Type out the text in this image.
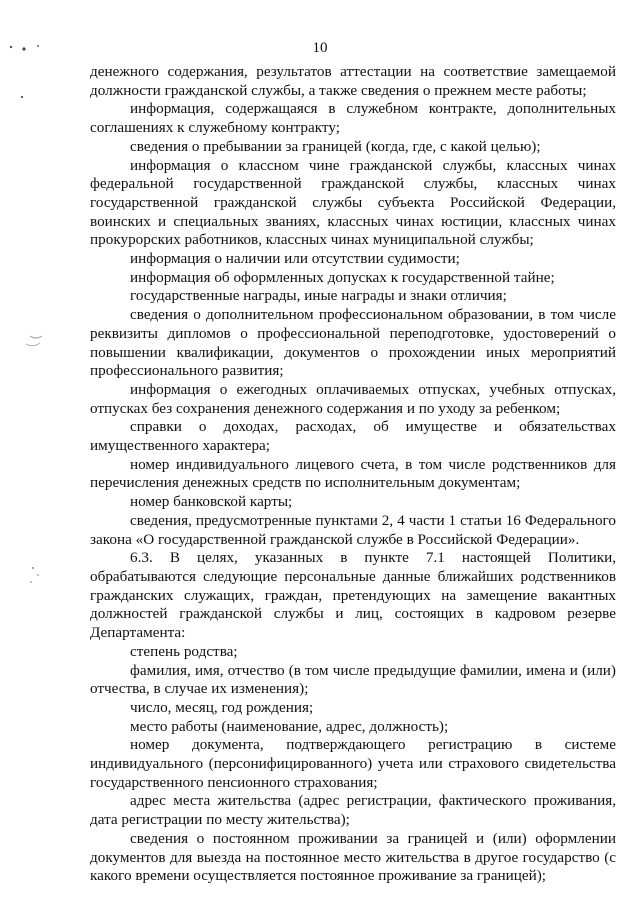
10

денежного содержания, результатов аттестации на соответствие замещаемой должности гражданской службы, а также сведения о прежнем месте работы;

информация, содержащаяся в служебном контракте, дополнительных соглашениях к служебному контракту;

сведения о пребывании за границей (когда, где, с какой целью);

информация о классном чине гражданской службы, классных чинах федеральной государственной гражданской службы, классных чинах государственной гражданской службы субъекта Российской Федерации, воинских и специальных званиях, классных чинах юстиции, классных чинах прокурорских работников, классных чинах муниципальной службы;

информация о наличии или отсутствии судимости;

информация об оформленных допусках к государственной тайне;

государственные награды, иные награды и знаки отличия;

сведения о дополнительном профессиональном образовании, в том числе реквизиты дипломов о профессиональной переподготовке, удостоверений о повышении квалификации, документов о прохождении иных мероприятий профессионального развития;

информация о ежегодных оплачиваемых отпусках, учебных отпусках, отпусках без сохранения денежного содержания и по уходу за ребенком;

справки о доходах, расходах, об имуществе и обязательствах имущественного характера;

номер индивидуального лицевого счета, в том числе родственников для перечисления денежных средств по исполнительным документам;

номер банковской карты;

сведения, предусмотренные пунктами 2, 4 части 1 статьи 16 Федерального закона «О государственной гражданской службе в Российской Федерации».

6.3. В целях, указанных в пункте 7.1 настоящей Политики, обрабатываются следующие персональные данные ближайших родственников гражданских служащих, граждан, претендующих на замещение вакантных должностей гражданской службы и лиц, состоящих в кадровом резерве Департамента:

степень родства;

фамилия, имя, отчество (в том числе предыдущие фамилии, имена и (или) отчества, в случае их изменения);

число, месяц, год рождения;

место работы (наименование, адрес, должность);

номер документа, подтверждающего регистрацию в системе индивидуального (персонифицированного) учета или страхового свидетельства государственного пенсионного страхования;

адрес места жительства (адрес регистрации, фактического проживания, дата регистрации по месту жительства);

сведения о постоянном проживании за границей и (или) оформлении документов для выезда на постоянное место жительства в другое государство (с какого времени осуществляется постоянное проживание за границей);
